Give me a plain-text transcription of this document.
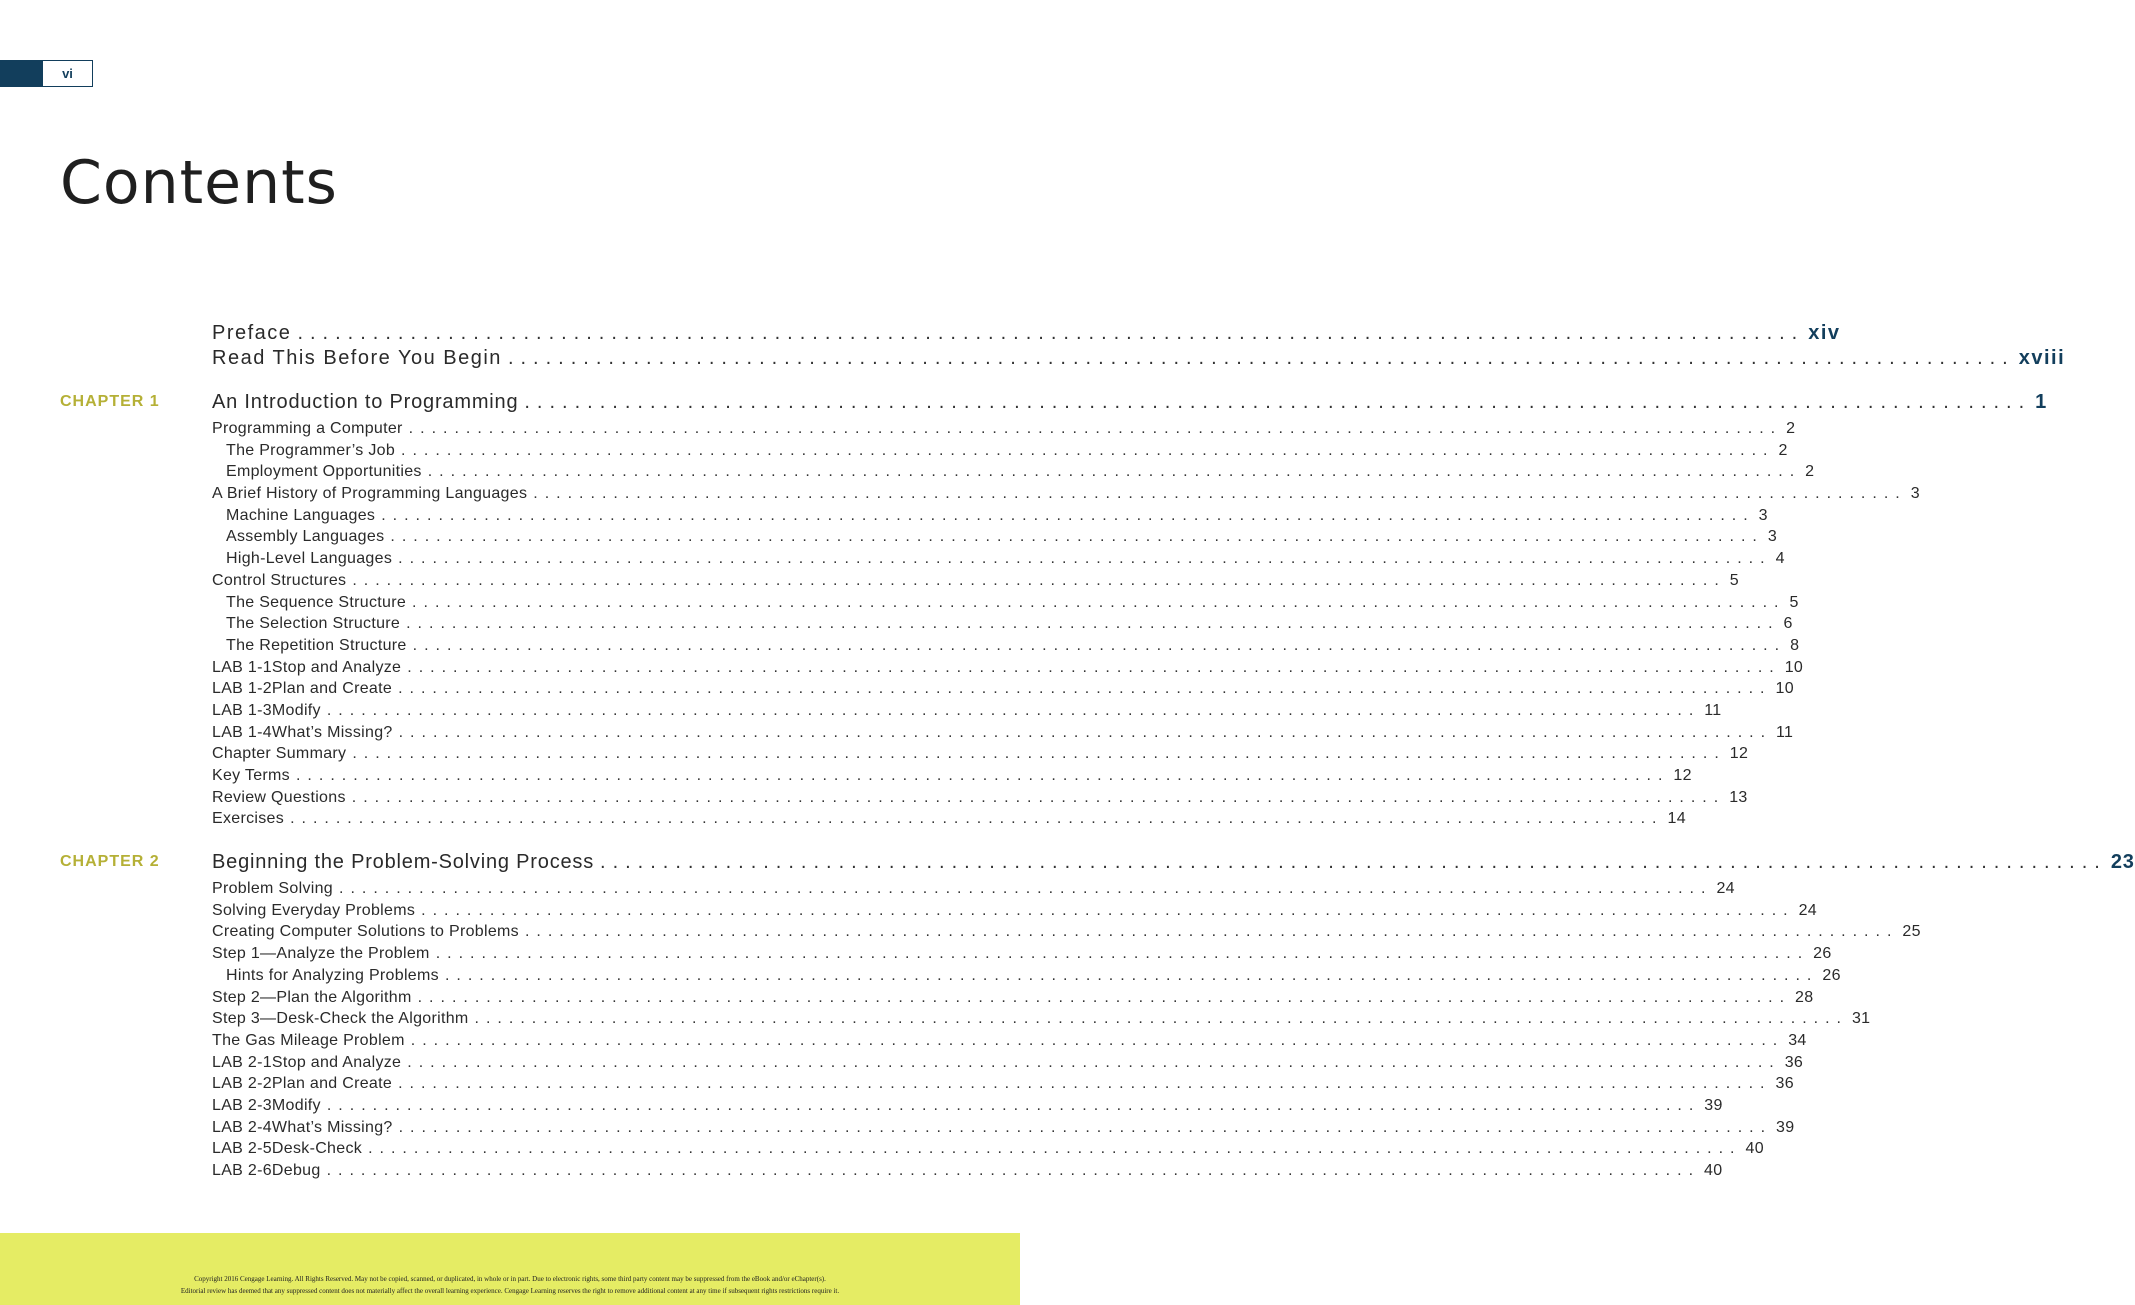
vi
Contents
Preface ........................................................................................................................ xiv
Read This Before You Begin ........................................................................................................................ xviii
CHAPTER 1	An Introduction to Programming ........................................................................................................................ 1
Programming a Computer ........................................................................................................................ 2
The Programmer’s Job ........................................................................................................................ 2
Employment Opportunities ........................................................................................................................ 2
A Brief History of Programming Languages ........................................................................................................................ 3
Machine Languages ........................................................................................................................ 3
Assembly Languages ........................................................................................................................ 3
High-Level Languages ........................................................................................................................ 4
Control Structures ........................................................................................................................ 5
The Sequence Structure ........................................................................................................................ 5
The Selection Structure ........................................................................................................................ 6
The Repetition Structure ........................................................................................................................ 8
LAB 1-1 Stop and Analyze ........................................................................................................................ 10
LAB 1-2 Plan and Create ........................................................................................................................ 10
LAB 1-3 Modify ........................................................................................................................ 11
LAB 1-4 What’s Missing? ........................................................................................................................ 11
Chapter Summary ........................................................................................................................ 12
Key Terms ........................................................................................................................ 12
Review Questions ........................................................................................................................ 13
Exercises ........................................................................................................................ 14
CHAPTER 2	Beginning the Problem-Solving Process ........................................................................................................................ 23
Problem Solving ........................................................................................................................ 24
Solving Everyday Problems ........................................................................................................................ 24
Creating Computer Solutions to Problems ........................................................................................................................ 25
Step 1—Analyze the Problem ........................................................................................................................ 26
Hints for Analyzing Problems ........................................................................................................................ 26
Step 2—Plan the Algorithm ........................................................................................................................ 28
Step 3—Desk-Check the Algorithm ........................................................................................................................ 31
The Gas Mileage Problem ........................................................................................................................ 34
LAB 2-1 Stop and Analyze ........................................................................................................................ 36
LAB 2-2 Plan and Create ........................................................................................................................ 36
LAB 2-3 Modify ........................................................................................................................ 39
LAB 2-4 What’s Missing? ........................................................................................................................ 39
LAB 2-5 Desk-Check ........................................................................................................................ 40
LAB 2-6 Debug ........................................................................................................................ 40

Copyright 2016 Cengage Learning. All Rights Reserved. May not be copied, scanned, or duplicated, in whole or in part. Due to electronic rights, some third party content may be suppressed from the eBook and/or eChapter(s).

Editorial review has deemed that any suppressed content does not materially affect the overall learning experience. Cengage Learning reserves the right to remove additional content at any time if subsequent rights restrictions require it.
